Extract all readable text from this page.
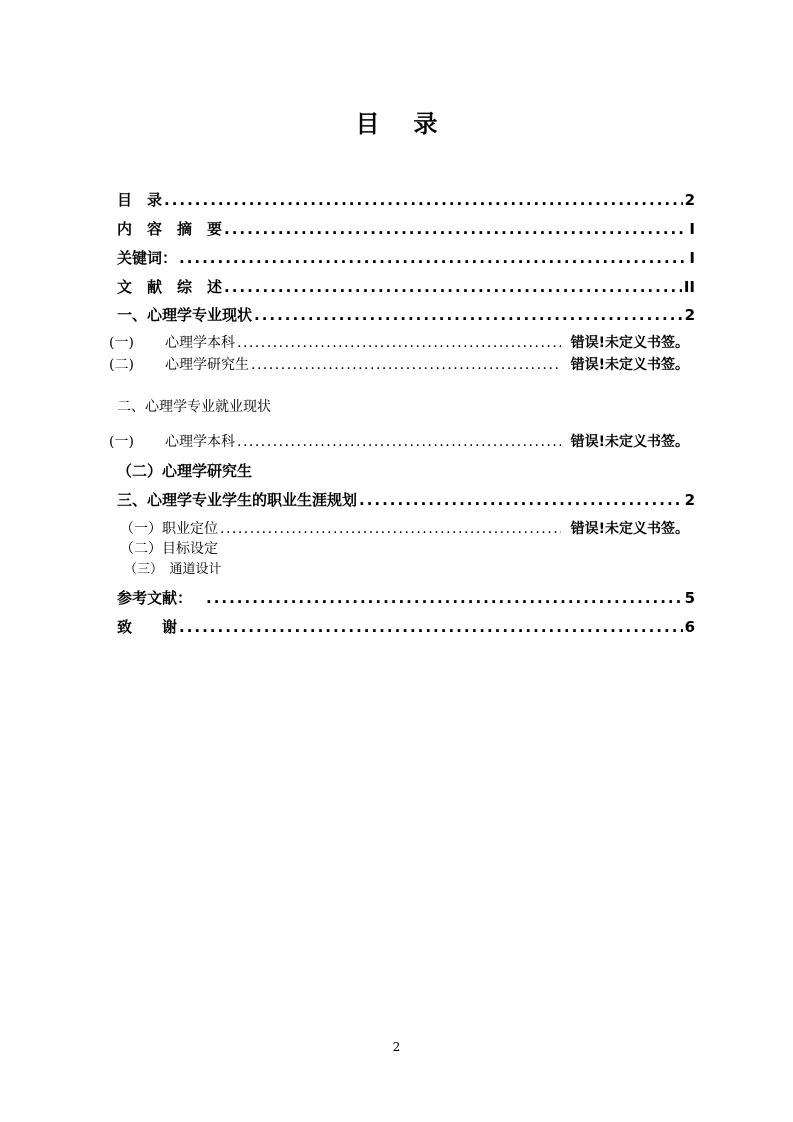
目 录
目　录 .....	2
内　容　摘　要 .....	I
关键词： .....	I
文　献　综　述 .....	II
一、心理学专业现状 .....	2
(一)	心理学本科 .....	错误!未定义书签。
(二)	心理学研究生 .....	错误!未定义书签。
二、心理学专业就业现状
(一)	心理学本科 .....	错误!未定义书签。
（二）心理学研究生
三、心理学专业学生的职业生涯规划 .....	2
（一） 职业定位 .....	错误!未定义书签。
（二）目标设定
（三）　通道设计
参考文献： .....	5
致　　谢 .....	6
2
